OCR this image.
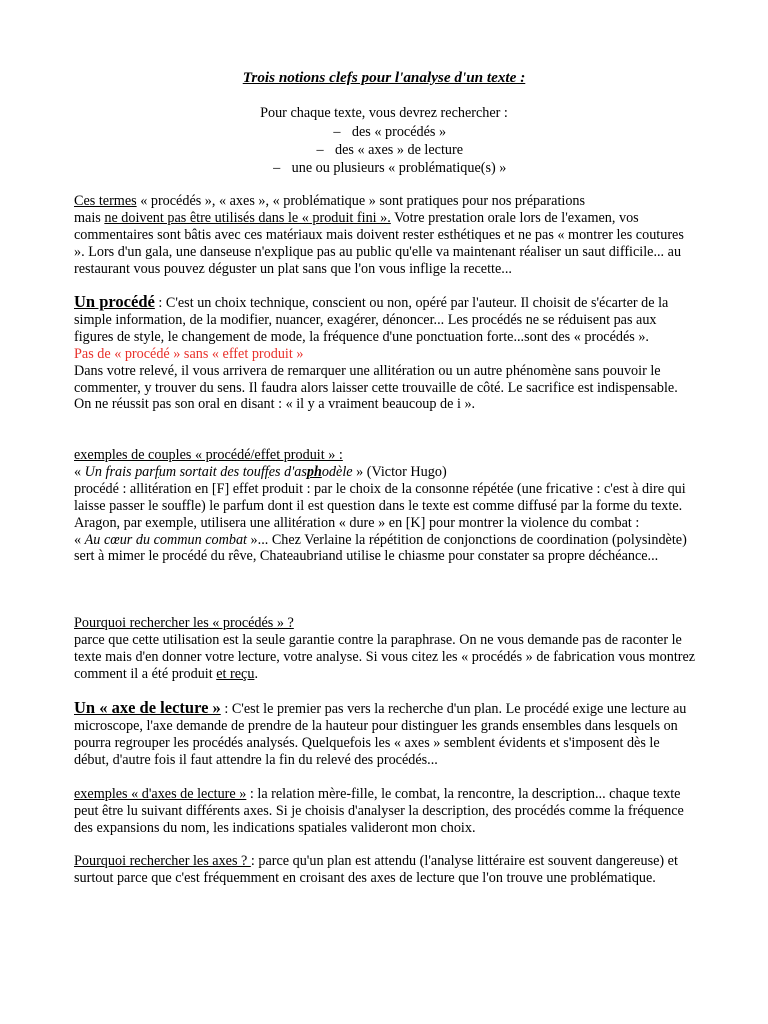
Trois notions clefs pour l'analyse d'un texte :
Pour chaque texte, vous devrez rechercher :
– des « procédés »
– des « axes » de lecture
– une ou plusieurs « problématique(s) »

Ces termes « procédés », « axes », « problématique » sont pratiques pour nos préparations

mais ne doivent pas être utilisés dans le « produit fini ». Votre prestation orale lors de l'examen, vos commentaires sont bâtis avec ces matériaux mais doivent rester esthétiques et ne pas « montrer les coutures ». Lors d'un gala, une danseuse n'explique pas au public qu'elle va maintenant réaliser un saut difficile... au restaurant vous pouvez déguster un plat sans que l'on vous inflige la recette...

Un procédé : C'est un choix technique, conscient ou non, opéré par l'auteur. Il choisit de s'écarter de la simple information, de la modifier, nuancer, exagérer, dénoncer... Les procédés ne se réduisent pas aux figures de style, le changement de mode, la fréquence d'une ponctuation forte...sont des « procédés ».

Pas de « procédé » sans « effet produit »

Dans votre relevé, il vous arrivera de remarquer une allitération ou un autre phénomène sans pouvoir le commenter, y trouver du sens. Il faudra alors laisser cette trouvaille de côté. Le sacrifice est indispensable. On ne réussit pas son oral en disant : « il y a vraiment beaucoup de i ».

exemples de couples « procédé/effet produit » :

« Un frais parfum sortait des touffes d'asphodèle » (Victor Hugo)

procédé : allitération en [F] effet produit : par le choix de la consonne répétée (une fricative : c'est à dire qui laisse passer le souffle) le parfum dont il est question dans le texte est comme diffusé par la forme du texte.

Aragon, par exemple, utilisera une allitération « dure » en [K] pour montrer la violence du combat :

« Au cœur du commun combat »... Chez Verlaine la répétition de conjonctions de coordination (polysindète) sert à mimer le procédé du rêve, Chateaubriand utilise le chiasme pour constater sa propre déchéance...

Pourquoi rechercher les « procédés » ?

parce que cette utilisation est la seule garantie contre la paraphrase. On ne vous demande pas de raconter le texte mais d'en donner votre lecture, votre analyse. Si vous citez les « procédés » de fabrication vous montrez comment il a été produit et reçu.

Un « axe de lecture » : C'est le premier pas vers la recherche d'un plan. Le procédé exige une lecture au microscope, l'axe demande de prendre de la hauteur pour distinguer les grands ensembles dans lesquels on pourra regrouper les procédés analysés. Quelquefois les « axes » semblent évidents et s'imposent dès le début, d'autre fois il faut attendre la fin du relevé des procédés...

exemples « d'axes de lecture » : la relation mère-fille, le combat, la rencontre, la description... chaque texte peut être lu suivant différents axes. Si je choisis d'analyser la description, des procédés comme la fréquence des expansions du nom, les indications spatiales valideront mon choix.

Pourquoi rechercher les axes ? : parce qu'un plan est attendu (l'analyse littéraire est souvent dangereuse) et surtout parce que c'est fréquemment en croisant des axes de lecture que l'on trouve une problématique.
